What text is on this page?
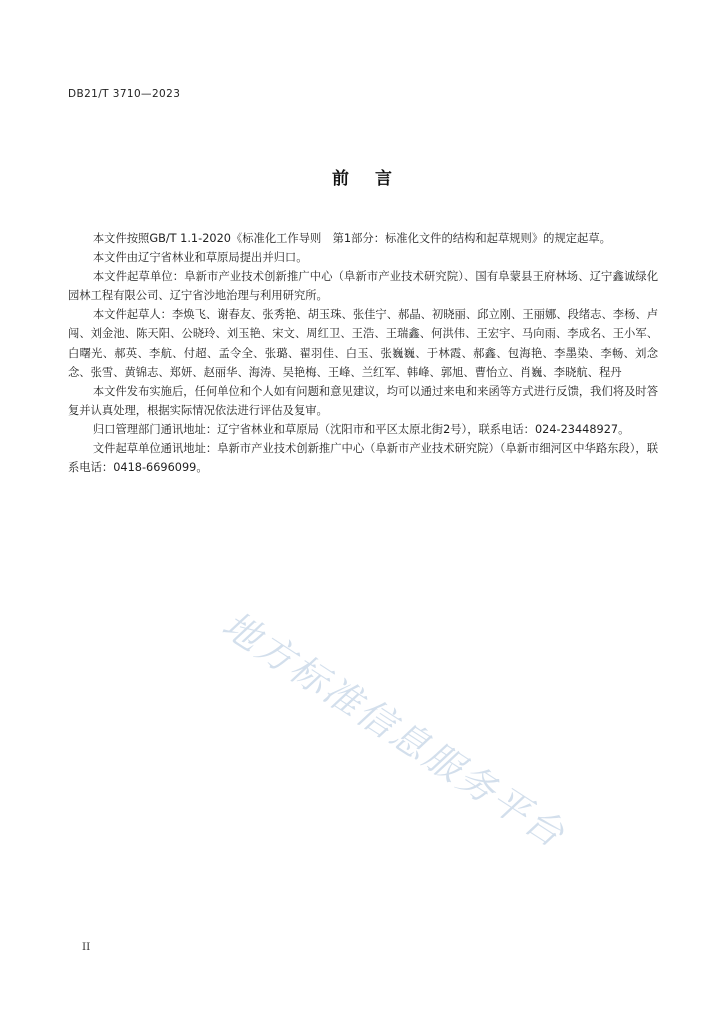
DB21/T 3710—2023
前言

本文件按照GB/T 1.1-2020《标准化工作导则　第1部分：标准化文件的结构和起草规则》的规定起草。

本文件由辽宁省林业和草原局提出并归口。

本文件起草单位：阜新市产业技术创新推广中心（阜新市产业技术研究院）、国有阜蒙县王府林场、辽宁鑫诚绿化园林工程有限公司、辽宁省沙地治理与利用研究所。

本文件起草人：李焕飞、谢春友、张秀艳、胡玉珠、张佳宁、郝晶、初晓丽、邱立刚、王丽娜、段绪志、李杨、卢闯、刘金池、陈天阳、公晓玲、刘玉艳、宋文、周红卫、王浩、王瑞鑫、何洪伟、王宏宇、马向雨、李成名、王小军、白曙光、郝英、李航、付超、孟令全、张璐、翟羽佳、白玉、张巍巍、于林霞、郝鑫、包海艳、李墨染、李畅、刘念念、张雪、黄锦志、郑妍、赵丽华、海涛、吴艳梅、王峰、兰红军、韩峰、郭旭、曹怡立、肖巍、李晓航、程丹

本文件发布实施后，任何单位和个人如有问题和意见建议，均可以通过来电和来函等方式进行反馈，我们将及时答复并认真处理，根据实际情况依法进行评估及复审。

归口管理部门通讯地址：辽宁省林业和草原局（沈阳市和平区太原北街2号），联系电话：024-23448927。

文件起草单位通讯地址：阜新市产业技术创新推广中心（阜新市产业技术研究院）（阜新市细河区中华路东段），联系电话：0418-6696099。

地方标准信息服务平台
II
